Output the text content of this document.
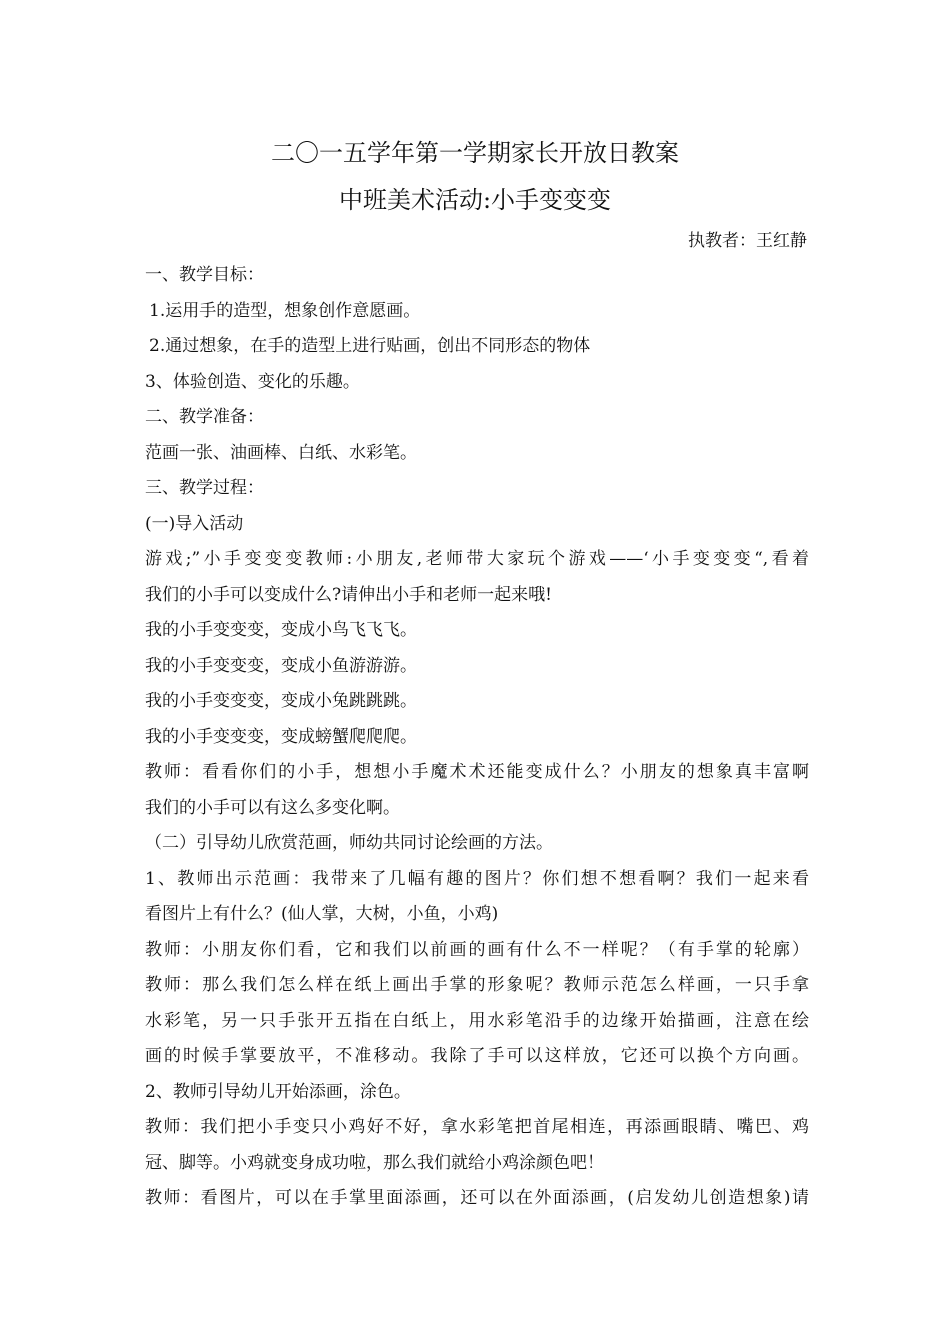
二〇一五学年第一学期家长开放日教案
中班美术活动:小手变变变
执教者：王红静
一、教学目标：
1.运用手的造型，想象创作意愿画。
2.通过想象，在手的造型上进行贴画，创出不同形态的物体
3、体验创造、变化的乐趣。
二、教学准备：
范画一张、油画棒、白纸、水彩笔。
三、教学过程：
(一)导入活动
游戏;”小手变变变教师:小朋友,老师带大家玩个游戏——‘小手变变变“,看着
我们的小手可以变成什么?请伸出小手和老师一起来哦!
我的小手变变变，变成小鸟飞飞飞。
我的小手变变变，变成小鱼游游游。
我的小手变变变，变成小兔跳跳跳。
我的小手变变变，变成螃蟹爬爬爬。
教师：看看你们的小手，想想小手魔术术还能变成什么？小朋友的想象真丰富啊
我们的小手可以有这么多变化啊。
（二）引导幼儿欣赏范画，师幼共同讨论绘画的方法。
1、教师出示范画：我带来了几幅有趣的图片？你们想不想看啊？我们一起来看
看图片上有什么？(仙人掌，大树，小鱼，小鸡)
教师：小朋友你们看，它和我们以前画的画有什么不一样呢？（有手掌的轮廓）
教师：那么我们怎么样在纸上画出手掌的形象呢？教师示范怎么样画，一只手拿
水彩笔，另一只手张开五指在白纸上，用水彩笔沿手的边缘开始描画，注意在绘
画的时候手掌要放平，不准移动。我除了手可以这样放，它还可以换个方向画。
2、教师引导幼儿开始添画，涂色。
教师：我们把小手变只小鸡好不好，拿水彩笔把首尾相连，再添画眼睛、嘴巴、鸡
冠、脚等。小鸡就变身成功啦，那么我们就给小鸡涂颜色吧！
教师：看图片，可以在手掌里面添画，还可以在外面添画，(启发幼儿创造想象)请
